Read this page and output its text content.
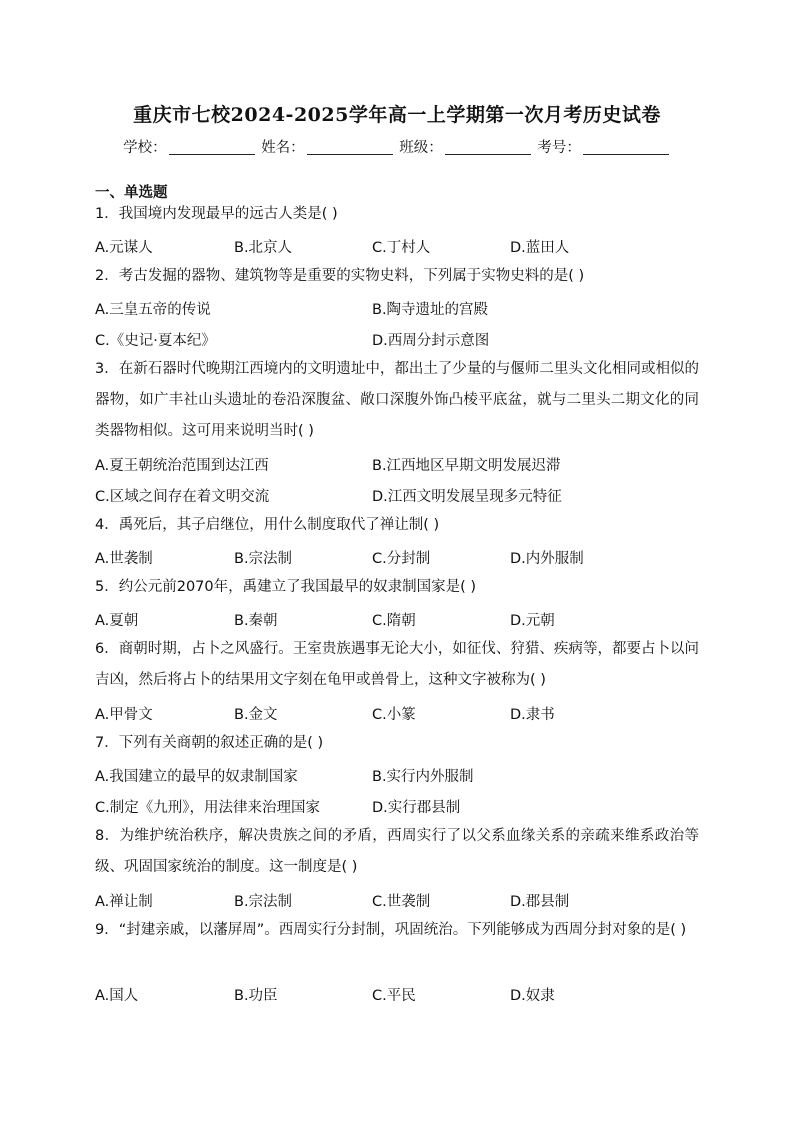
重庆市七校2024-2025学年高一上学期第一次月考历史试卷
学校：	姓名：	班级：	考号：
一、单选题
1．我国境内发现最早的远古人类是( )
A.元谋人	B.北京人	C.丁村人	D.蓝田人
2．考古发掘的器物、建筑物等是重要的实物史料，下列属于实物史料的是( )
A.三皇五帝的传说	B.陶寺遗址的宫殿
C.《史记·夏本纪》	D.西周分封示意图
3．在新石器时代晚期江西境内的文明遗址中，都出土了少量的与偃师二里头文化相同或相似的器物，如广丰社山头遗址的卷沿深腹盆、敞口深腹外饰凸棱平底盆，就与二里头二期文化的同类器物相似。这可用来说明当时( )
A.夏王朝统治范围到达江西	B.江西地区早期文明发展迟滞
C.区域之间存在着文明交流	D.江西文明发展呈现多元特征
4．禹死后，其子启继位，用什么制度取代了禅让制( )
A.世袭制	B.宗法制	C.分封制	D.内外服制
5．约公元前2070年，禹建立了我国最早的奴隶制国家是( )
A.夏朝	B.秦朝	C.隋朝	D.元朝
6．商朝时期，占卜之风盛行。王室贵族遇事无论大小，如征伐、狩猎、疾病等，都要占卜以问吉凶，然后将占卜的结果用文字刻在龟甲或兽骨上，这种文字被称为( )
A.甲骨文	B.金文	C.小篆	D.隶书
7．下列有关商朝的叙述正确的是( )
A.我国建立的最早的奴隶制国家	B.实行内外服制
C.制定《九刑》，用法律来治理国家	D.实行郡县制
8．为维护统治秩序，解决贵族之间的矛盾，西周实行了以父系血缘关系的亲疏来维系政治等级、巩固国家统治的制度。这一制度是( )
A.禅让制	B.宗法制	C.世袭制	D.郡县制
9．“封建亲戚，以藩屏周”。西周实行分封制，巩固统治。下列能够成为西周分封对象的是( )
A.国人	B.功臣	C.平民	D.奴隶
